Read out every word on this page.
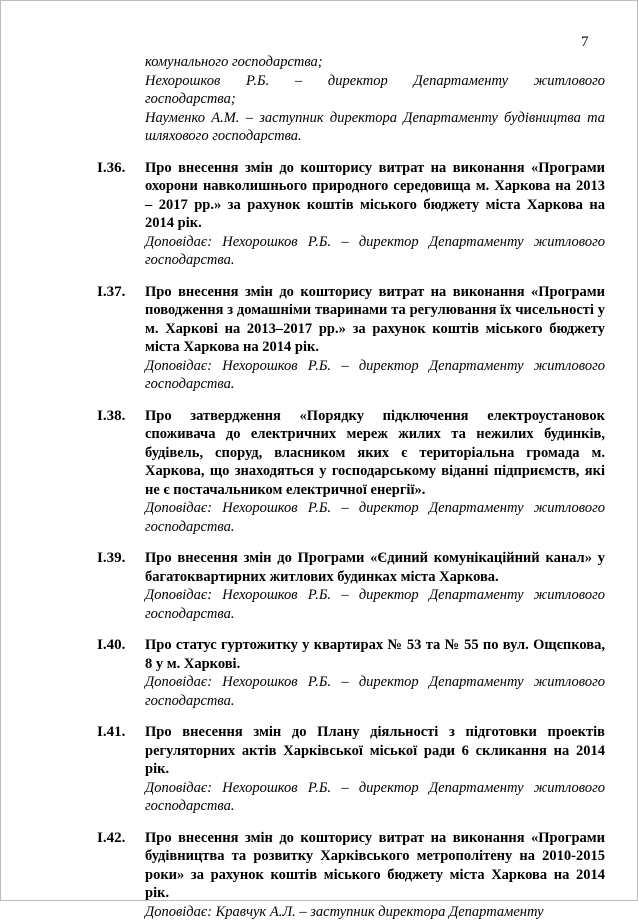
7
комунального господарства;
Нехорошков Р.Б. – директор Департаменту житлового
господарства;
Науменко А.М. – заступник директора Департаменту будівництва та
шляхового господарства.
І.36. Про внесення змін до кошторису витрат на виконання «Програми охорони навколишнього природного середовища м. Харкова на 2013 – 2017 рр.» за рахунок коштів міського бюджету міста Харкова на 2014 рік.
Доповідає: Нехорошков Р.Б. – директор Департаменту житлового господарства.
І.37. Про внесення змін до кошторису витрат на виконання «Програми поводження з домашніми тваринами та регулювання їх чисельності у м. Харкові на 2013–2017 рр.» за рахунок коштів міського бюджету міста Харкова на 2014 рік.
Доповідає: Нехорошков Р.Б. – директор Департаменту житлового господарства.
І.38. Про затвердження «Порядку підключення електроустановок споживача до електричних мереж жилих та нежилих будинків, будівель, споруд, власником яких є територіальна громада м. Харкова, що знаходяться у господарському віданні підприємств, які не є постачальником електричної енергії».
Доповідає: Нехорошков Р.Б. – директор Департаменту житлового господарства.
І.39. Про внесення змін до Програми «Єдиний комунікаційний канал» у багатоквартирних житлових будинках міста Харкова.
Доповідає: Нехорошков Р.Б. – директор Департаменту житлового господарства.
І.40. Про статус гуртожитку у квартирах № 53 та № 55 по вул. Ощєпкова, 8 у м. Харкові.
Доповідає: Нехорошков Р.Б. – директор Департаменту житлового господарства.
І.41. Про внесення змін до Плану діяльності з підготовки проектів регуляторних актів Харківської міської ради 6 скликання на 2014 рік.
Доповідає: Нехорошков Р.Б. – директор Департаменту житлового господарства.
І.42. Про внесення змін до кошторису витрат на виконання «Програми будівництва та розвитку Харківського метрополітену на 2010-2015 роки» за рахунок коштів міського бюджету міста Харкова на 2014 рік.
Доповідає: Кравчук А.Л. – заступник директора Департаменту
